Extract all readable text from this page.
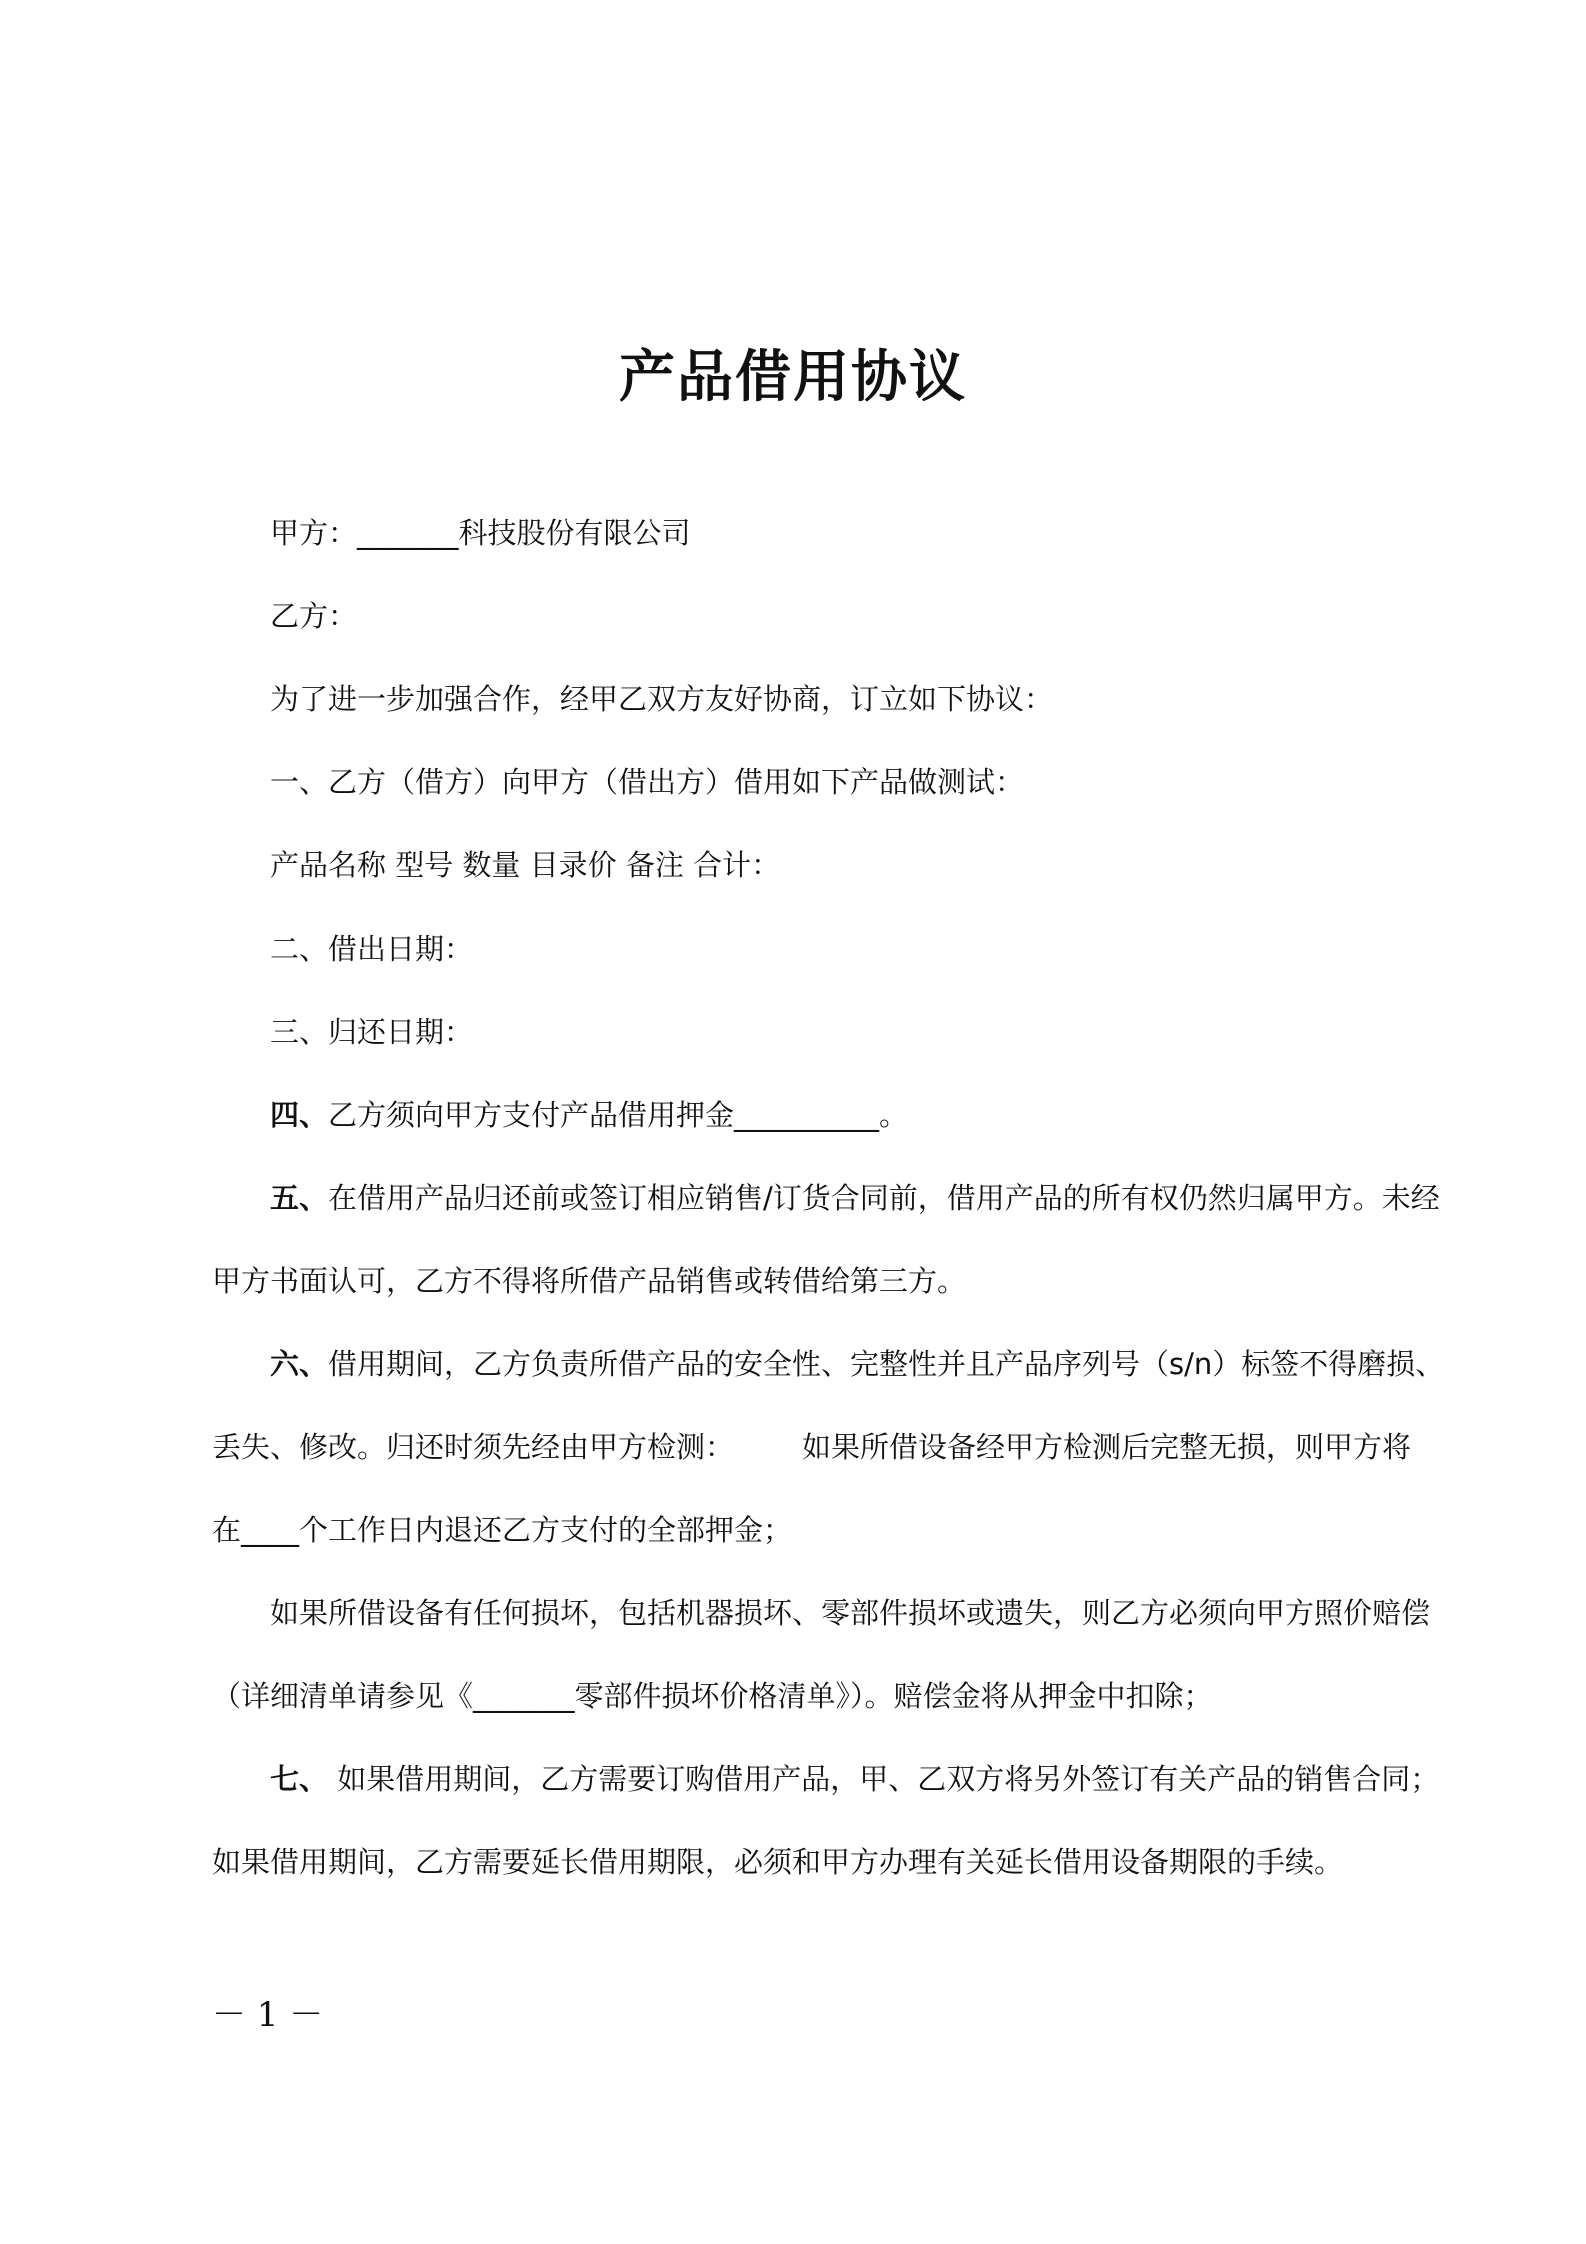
产品借用协议
甲方：_______科技股份有限公司
乙方：
为了进一步加强合作，经甲乙双方友好协商，订立如下协议：
一、乙方（借方）向甲方（借出方）借用如下产品做测试：
产品名称 型号 数量 目录价 备注 合计：
二、借出日期：
三、归还日期：
四、乙方须向甲方支付产品借用押金__________。
五、在借用产品归还前或签订相应销售/订货合同前，借用产品的所有权仍然归属甲方。未经
甲方书面认可，乙方不得将所借产品销售或转借给第三方。
六、借用期间，乙方负责所借产品的安全性、完整性并且产品序列号（s/n）标签不得磨损、
丢失、修改。归还时须先经由甲方检测： 如果所借设备经甲方检测后完整无损，则甲方将
在____个工作日内退还乙方支付的全部押金；
如果所借设备有任何损坏，包括机器损坏、零部件损坏或遗失，则乙方必须向甲方照价赔偿
（详细清单请参见《_______零部件损坏价格清单》）。赔偿金将从押金中扣除；
七、 如果借用期间，乙方需要订购借用产品，甲、乙双方将另外签订有关产品的销售合同；
如果借用期间，乙方需要延长借用期限，必须和甲方办理有关延长借用设备期限的手续。
－ 1 －
